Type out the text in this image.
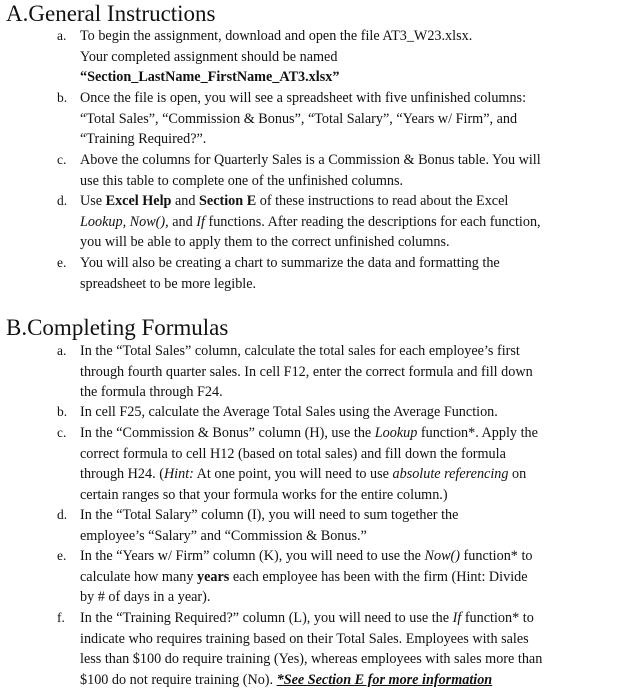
A.General Instructions
a. To begin the assignment, download and open the file AT3_W23.xlsx.
Your completed assignment should be named
“Section_LastName_FirstName_AT3.xlsx”
b. Once the file is open, you will see a spreadsheet with five unfinished columns:
“Total Sales”, “Commission & Bonus”, “Total Salary”, “Years w/ Firm”, and
“Training Required?”.
c. Above the columns for Quarterly Sales is a Commission & Bonus table. You will
use this table to complete one of the unfinished columns.
d. Use Excel Help and Section E of these instructions to read about the Excel
Lookup, Now(), and If functions. After reading the descriptions for each function,
you will be able to apply them to the correct unfinished columns.
e. You will also be creating a chart to summarize the data and formatting the
spreadsheet to be more legible.
B.Completing Formulas
a. In the “Total Sales” column, calculate the total sales for each employee’s first
through fourth quarter sales. In cell F12, enter the correct formula and fill down
the formula through F24.
b. In cell F25, calculate the Average Total Sales using the Average Function.
c. In the “Commission & Bonus” column (H), use the Lookup function*. Apply the
correct formula to cell H12 (based on total sales) and fill down the formula
through H24. (Hint: At one point, you will need to use absolute referencing on
certain ranges so that your formula works for the entire column.)
d. In the “Total Salary” column (I), you will need to sum together the
employee’s “Salary” and “Commission & Bonus.”
e. In the “Years w/ Firm” column (K), you will need to use the Now() function* to
calculate how many years each employee has been with the firm (Hint: Divide
by # of days in a year).
f.	In the “Training Required?” column (L), you will need to use the If function* to
indicate who requires training based on their Total Sales. Employees with sales
less than $100 do require training (Yes), whereas employees with sales more than
$100 do not require training (No). *See Section E for more information
